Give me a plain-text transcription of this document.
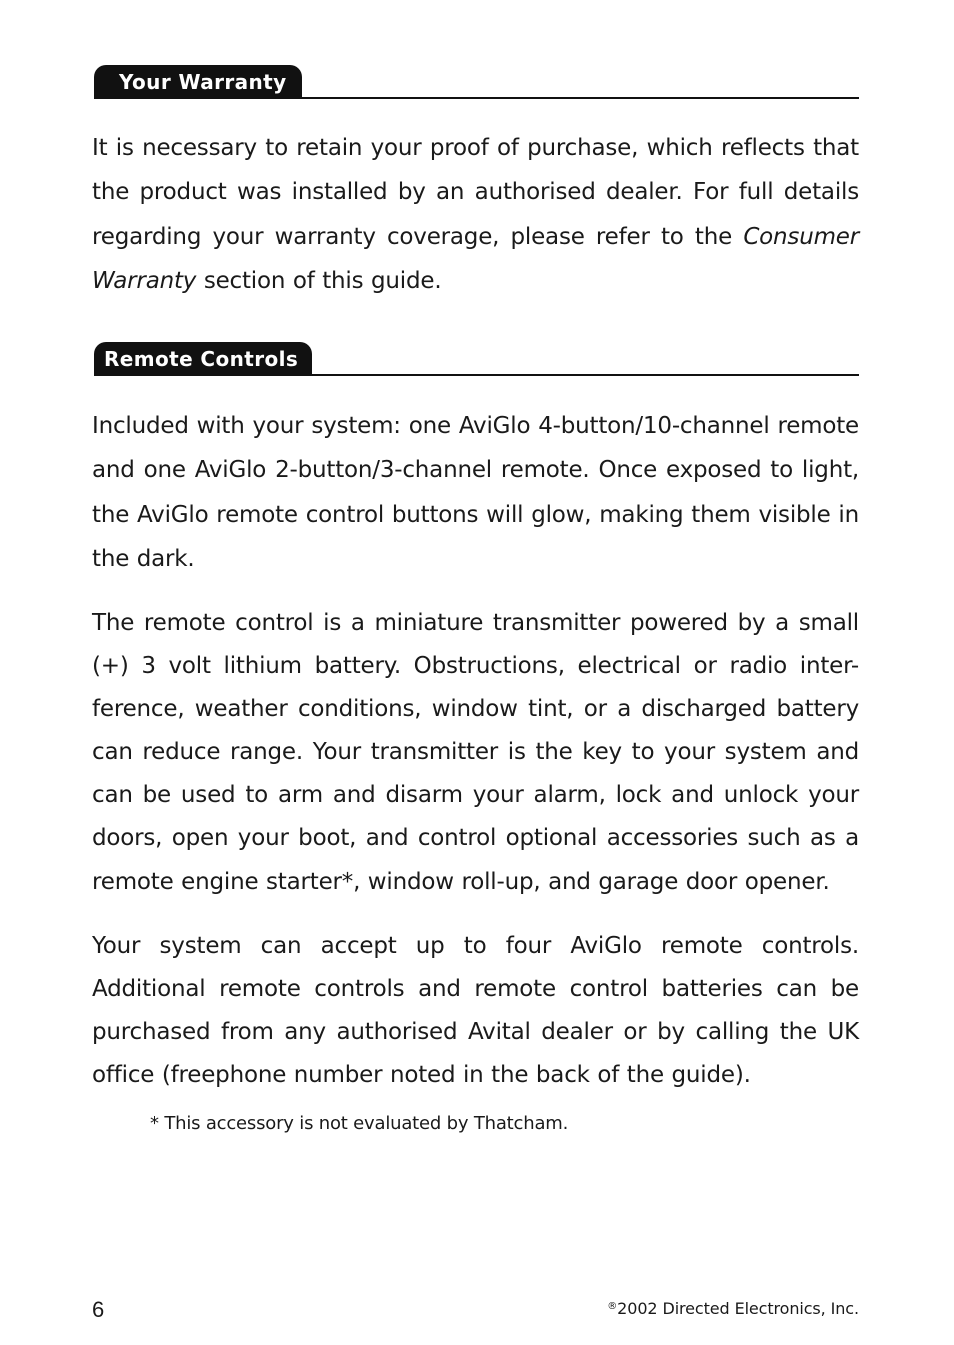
Your Warranty

It is necessary to retain your proof of purchase, which reflects that the product was installed by an authorised dealer. For full details regarding your warranty coverage, please refer to the Consumer Warranty section of this guide.

Remote Controls

Included with your system: one AviGlo 4-button/10-channel remote and one AviGlo 2-button/3-channel remote. Once exposed to light, the AviGlo remote control buttons will glow, making them visible in the dark.

The remote control is a miniature transmitter powered by a small (+) 3 volt lithium battery. Obstructions, electrical or radio inter-ference, weather conditions, window tint, or a discharged battery can reduce range. Your transmitter is the key to your system and can be used to arm and disarm your alarm, lock and unlock your doors, open your boot, and control optional accessories such as a remote engine starter*, window roll-up, and garage door opener.

Your system can accept up to four AviGlo remote controls. Additional remote controls and remote control batteries can be purchased from any authorised Avital dealer or by calling the UK office (freephone number noted in the back of the guide).

* This accessory is not evaluated by Thatcham.

6	®2002 Directed Electronics, Inc.
